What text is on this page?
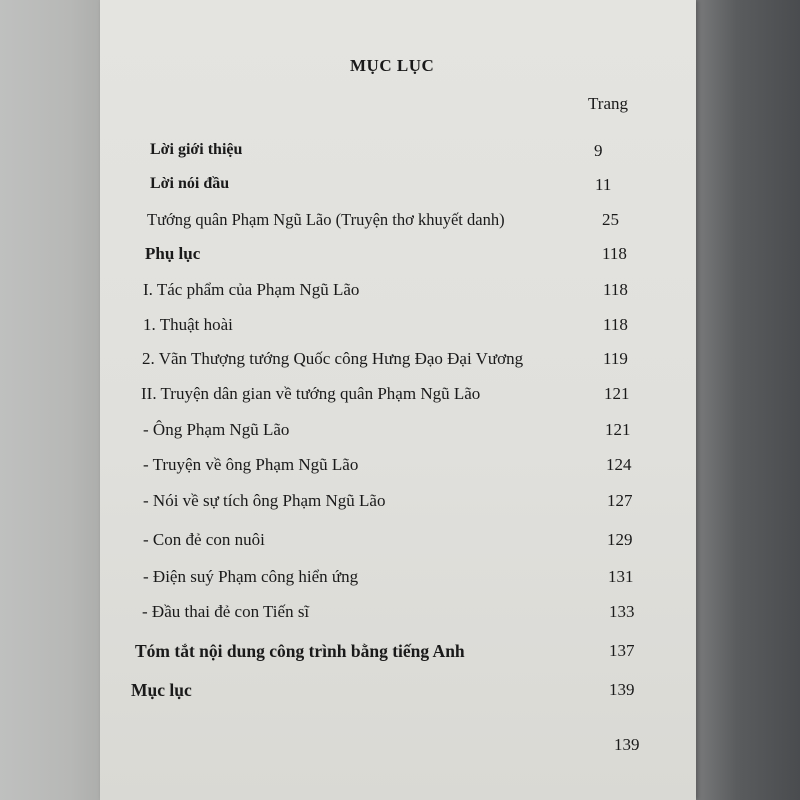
MỤC LỤC
Trang
Lời giới thiệu	9
Lời nói đầu	11
Tướng quân Phạm Ngũ Lão (Truyện thơ khuyết danh)	25
Phụ lục	118
I. Tác phẩm của Phạm Ngũ Lão	118
1. Thuật hoài	118
2. Vãn Thượng tướng Quốc công Hưng Đạo Đại Vương	119
II. Truyện dân gian về tướng quân Phạm Ngũ Lão	121
- Ông Phạm Ngũ Lão	121
- Truyện về ông Phạm Ngũ Lão	124
- Nói về sự tích ông Phạm Ngũ Lão	127
- Con đẻ con nuôi	129
- Điện suý Phạm công hiển ứng	131
- Đầu thai đẻ con Tiến sĩ	133
Tóm tắt nội dung công trình bằng tiếng Anh	137
Mục lục	139
139
